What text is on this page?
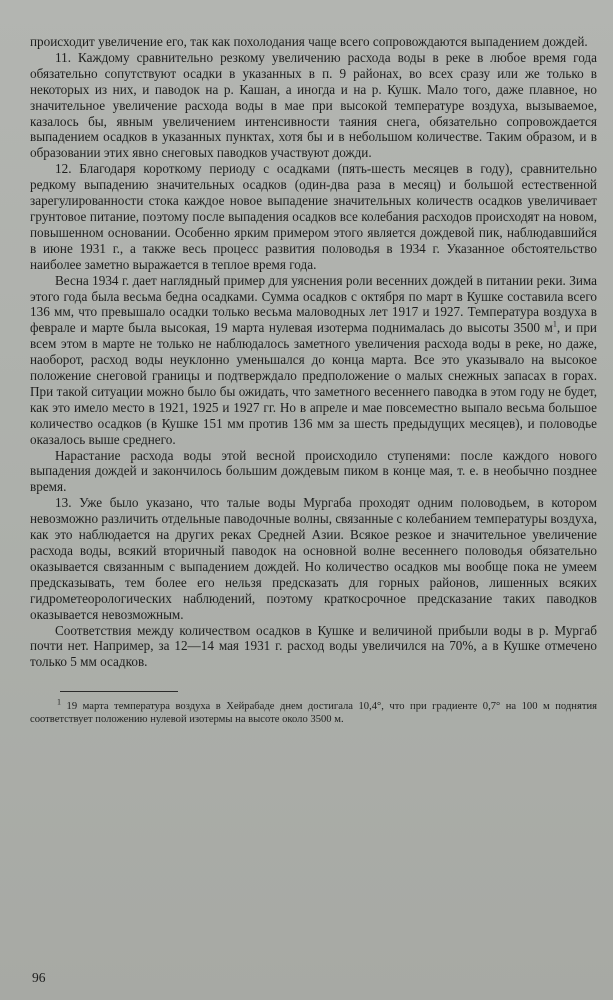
происходит увеличение его, так как похолодания чаще всего сопровождаются выпадением дождей.

11. Каждому сравнительно резкому увеличению расхода воды в реке в любое время года обязательно сопутствуют осадки в указанных в п. 9 районах, во всех сразу или же только в некоторых из них, и паводок на р. Кашан, а иногда и на р. Кушк. Мало того, даже плавное, но значительное увеличение расхода воды в мае при высокой температуре воздуха, вызываемое, казалось бы, явным увеличением интенсивности таяния снега, обязательно сопровождается выпадением осадков в указанных пунктах, хотя бы и в небольшом количестве. Таким образом, и в образовании этих явно снеговых паводков участвуют дожди.

12. Благодаря короткому периоду с осадками (пять-шесть месяцев в году), сравнительно редкому выпадению значительных осадков (один-два раза в месяц) и большой естественной зарегулированности стока каждое новое выпадение значительных количеств осадков увеличивает грунтовое питание, поэтому после выпадения осадков все колебания расходов происходят на новом, повышенном основании. Особенно ярким примером этого является дождевой пик, наблюдавшийся в июне 1931 г., а также весь процесс развития половодья в 1934 г. Указанное обстоятельство наиболее заметно выражается в теплое время года.

Весна 1934 г. дает наглядный пример для уяснения роли весенних дождей в питании реки. Зима этого года была весьма бедна осадками. Сумма осадков с октября по март в Кушке составила всего 136 мм, что превышало осадки только весьма маловодных лет 1917 и 1927. Температура воздуха в феврале и марте была высокая, 19 марта нулевая изотерма поднималась до высоты 3500 $м^1$, и при всем этом в марте не только не наблюдалось заметного увеличения расхода воды в реке, но даже, наоборот, расход воды неуклонно уменьшался до конца марта. Все это указывало на высокое положение снеговой границы и подтверждало предположение о малых снежных запасах в горах. При такой ситуации можно было бы ожидать, что заметного весеннего паводка в этом году не будет, как это имело место в 1921, 1925 и 1927 гг. Но в апреле и мае повсеместно выпало весьма большое количество осадков (в Кушке 151 мм против 136 мм за шесть предыдущих месяцев), и половодье оказалось выше среднего.

Нарастание расхода воды этой весной происходило ступенями: после каждого нового выпадения дождей и закончилось большим дождевым пиком в конце мая, т. е. в необычно позднее время.

13. Уже было указано, что талые воды Мургаба проходят одним половодьем, в котором невозможно различить отдельные паводочные волны, связанные с колебанием температуры воздуха, как это наблюдается на других реках Средней Азии. Всякое резкое и значительное увеличение расхода воды, всякий вторичный паводок на основной волне весеннего половодья обязательно оказывается связанным с выпадением дождей. Но количество осадков мы вообще пока не умеем предсказывать, тем более его нельзя предсказать для горных районов, лишенных всяких гидрометеорологических наблюдений, поэтому краткосрочное предсказание таких паводков оказывается невозможным.

Соответствия между количеством осадков в Кушке и величиной прибыли воды в р. Мургаб почти нет. Например, за 12—14 мая 1931 г. расход воды увеличился на 70%, а в Кушке отмечено только 5 мм осадков.

$^1$ 19 марта температура воздуха в Хейрабаде днем достигала 10,4°, что при градиенте 0,7° на 100 м поднятия соответствует положению нулевой изотермы на высоте около 3500 м.

96
